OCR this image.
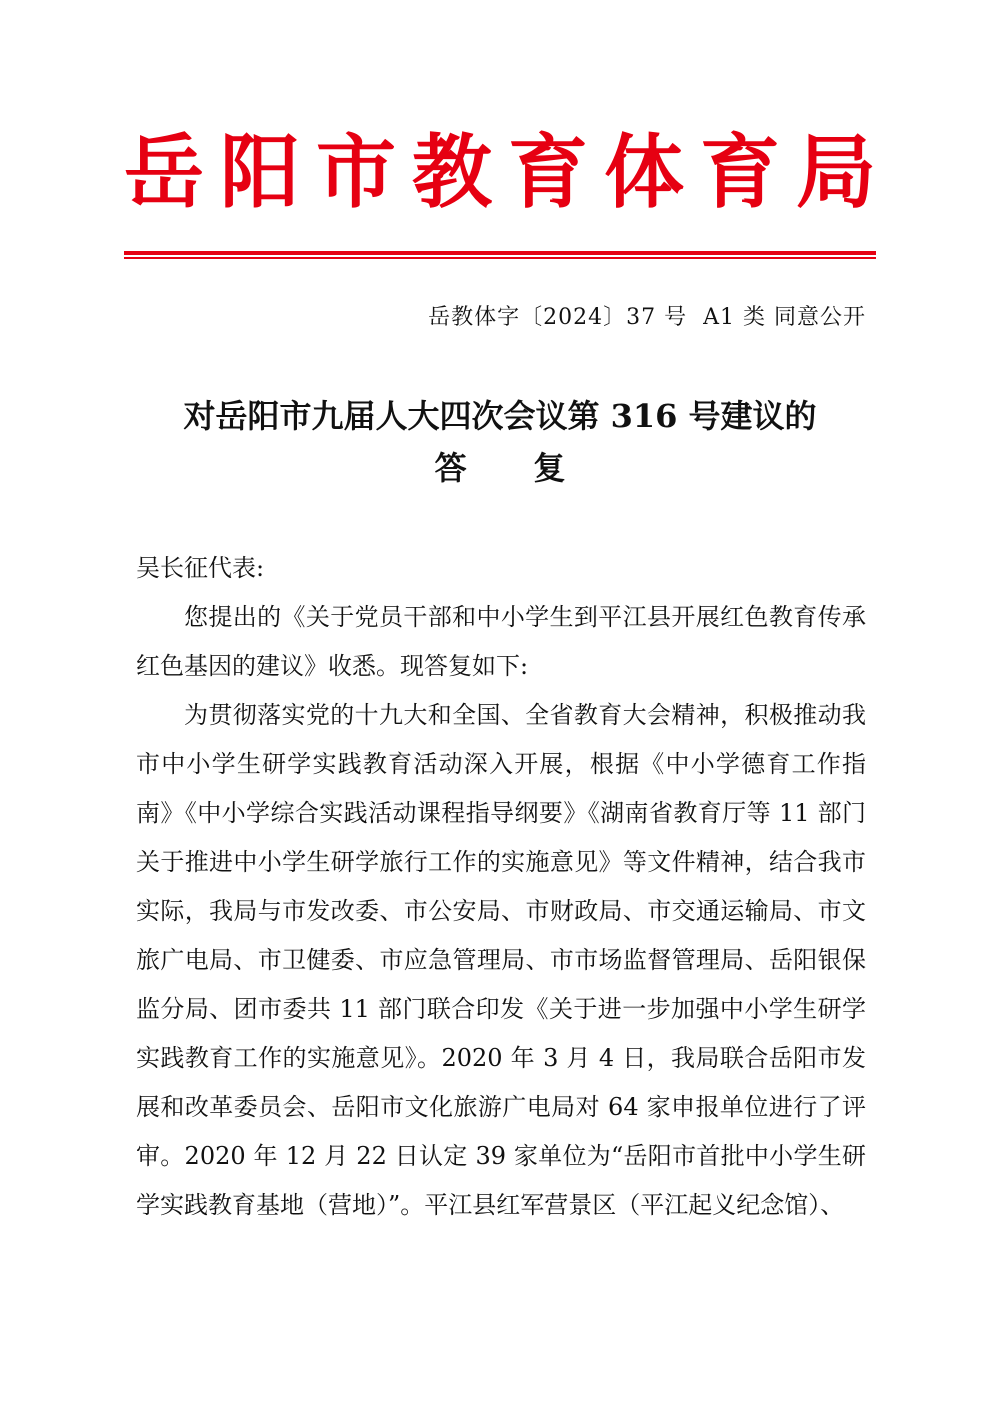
岳 阳 市 教 育 体 育 局
岳教体字〔2024〕37 号  A1 类 同意公开
对岳阳市九届人大四次会议第 316 号建议的
答      复
吴长征代表:

您提出的《关于党员干部和中小学生到平江县开展红色教育传承红色基因的建议》收悉。现答复如下:

为贯彻落实党的十九大和全国、全省教育大会精神，积极推动我市中小学生研学实践教育活动深入开展，根据《中小学德育工作指南》《中小学综合实践活动课程指导纲要》《湖南省教育厅等 11 部门关于推进中小学生研学旅行工作的实施意见》等文件精神，结合我市实际，我局与市发改委、市公安局、市财政局、市交通运输局、市文旅广电局、市卫健委、市应急管理局、市市场监督管理局、岳阳银保监分局、团市委共 11 部门联合印发《关于进一步加强中小学生研学实践教育工作的实施意见》。2020 年 3 月 4 日，我局联合岳阳市发展和改革委员会、岳阳市文化旅游广电局对 64 家申报单位进行了评审。2020 年 12 月 22 日认定 39 家单位为“岳阳市首批中小学生研学实践教育基地（营地）”。平江县红军营景区（平江起义纪念馆）、
